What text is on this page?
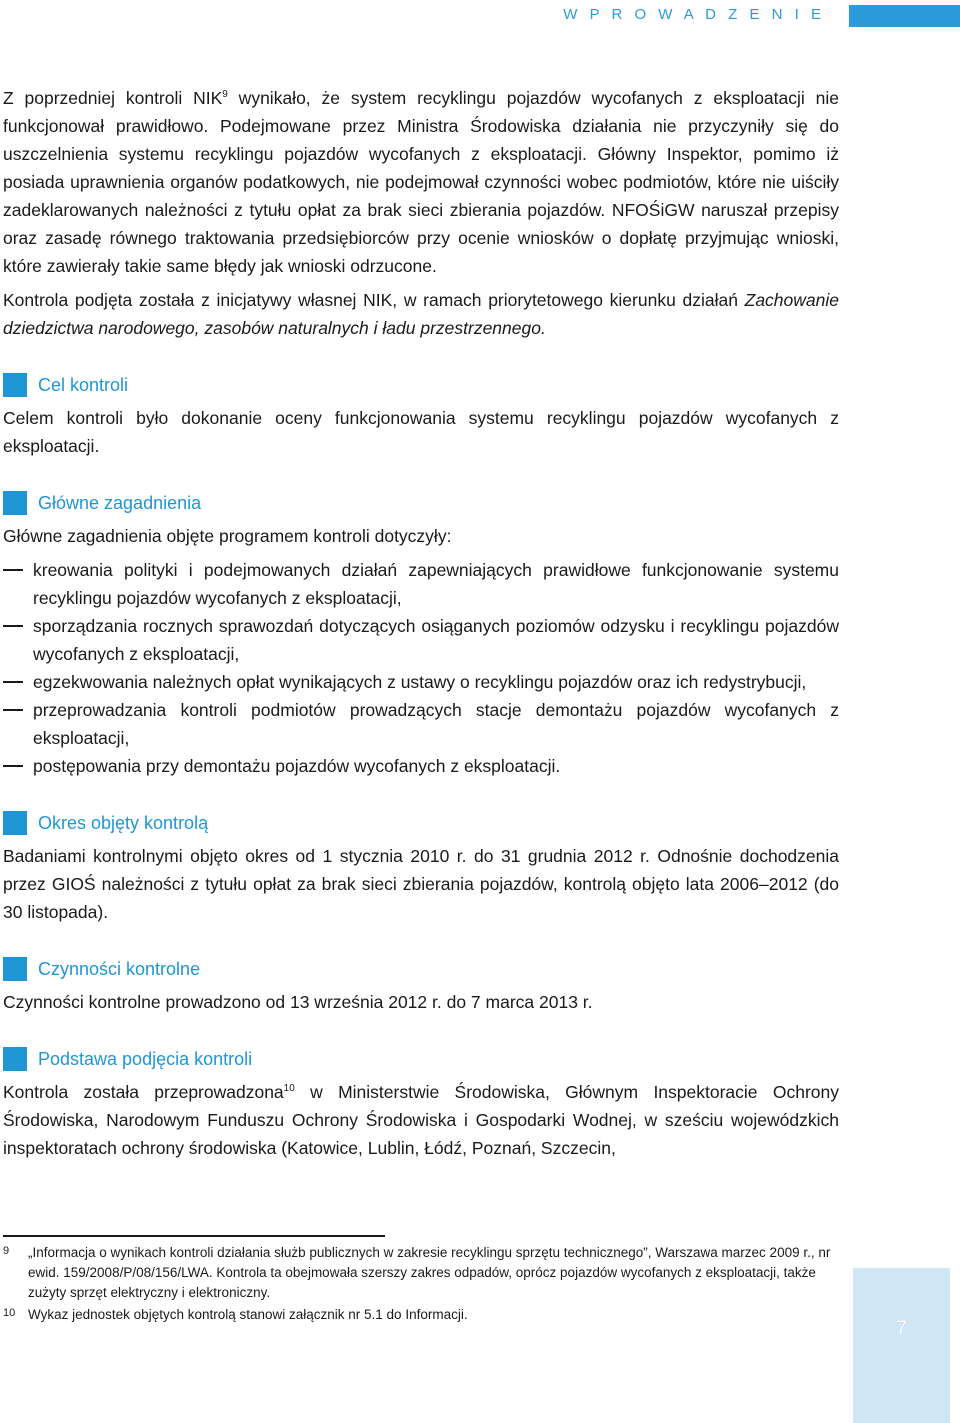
W P R O W A D Z E N I E

Z poprzedniej kontroli NIK$^9$ wynikało, że system recyklingu pojazdów wycofanych z eksploatacji nie funkcjonował prawidłowo. Podejmowane przez Ministra Środowiska działania nie przyczyniły się do uszczelnienia systemu recyklingu pojazdów wycofanych z eksploatacji. Główny Inspektor, pomimo iż posiada uprawnienia organów podatkowych, nie podejmował czynności wobec podmiotów, które nie uiściły zadeklarowanych należności z tytułu opłat za brak sieci zbierania pojazdów. NFOŚiGW naruszał przepisy oraz zasadę równego traktowania przedsiębiorców przy ocenie wniosków o dopłatę przyjmując wnioski, które zawierały takie same błędy jak wnioski odrzucone.

Kontrola podjęta została z inicjatywy własnej NIK, w ramach priorytetowego kierunku działań Zachowanie dziedzictwa narodowego, zasobów naturalnych i ładu przestrzennego.

Cel kontroli

Celem kontroli było dokonanie oceny funkcjonowania systemu recyklingu pojazdów wycofanych z eksploatacji.

Główne zagadnienia

Główne zagadnienia objęte programem kontroli dotyczyły:

kreowania polityki i podejmowanych działań zapewniających prawidłowe funkcjonowanie systemu recyklingu pojazdów wycofanych z eksploatacji,
sporządzania rocznych sprawozdań dotyczących osiąganych poziomów odzysku i recyklingu pojazdów wycofanych z eksploatacji,
egzekwowania należnych opłat wynikających z ustawy o recyklingu pojazdów oraz ich redystrybucji,
przeprowadzania kontroli podmiotów prowadzących stacje demontażu pojazdów wycofanych z eksploatacji,
postępowania przy demontażu pojazdów wycofanych z eksploatacji.
Okres objęty kontrolą

Badaniami kontrolnymi objęto okres od 1 stycznia 2010 r. do 31 grudnia 2012 r. Odnośnie dochodzenia przez GIOŚ należności z tytułu opłat za brak sieci zbierania pojazdów, kontrolą objęto lata 2006–2012 (do 30 listopada).

Czynności kontrolne

Czynności kontrolne prowadzono od 13 września 2012 r. do 7 marca 2013 r.

Podstawa podjęcia kontroli

Kontrola została przeprowadzona$^{10}$ w Ministerstwie Środowiska, Głównym Inspektoracie Ochrony Środowiska, Narodowym Funduszu Ochrony Środowiska i Gospodarki Wodnej, w sześciu wojewódzkich inspektoratach ochrony środowiska (Katowice, Lublin, Łódź, Poznań, Szczecin,

9 „Informacja o wynikach kontroli działania służb publicznych w zakresie recyklingu sprzętu technicznego”, Warszawa marzec 2009 r., nr ewid. 159/2008/P/08/156/LWA. Kontrola ta obejmowała szerszy zakres odpadów, oprócz pojazdów wycofanych z eksploatacji, także zużyty sprzęt elektryczny i elektroniczny.
10 Wykaz jednostek objętych kontrolą stanowi załącznik nr 5.1 do Informacji.
7
